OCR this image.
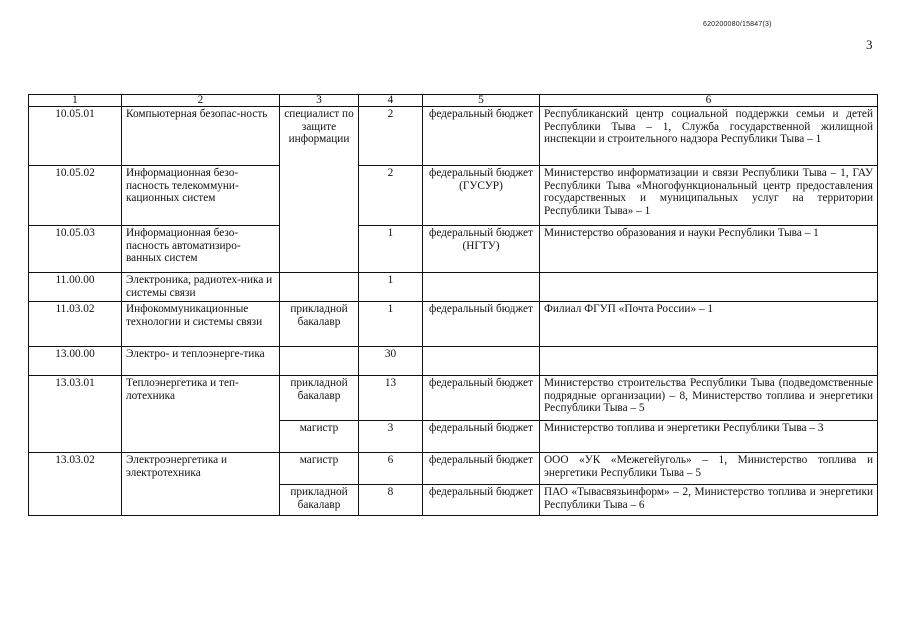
620200080/15847(3)
3
1	2	3	4	5	6
10.05.01	Компьютерная безопас-ность	специалист по защите информации	2	федеральный бюджет	Республиканский центр социальной поддержки семьи и детей Республики Тыва – 1, Служба государственной жилищной инспекции и строительного надзора Республики Тыва – 1
10.05.02	Информационная безо-пасность телекоммуни-кационных систем		2	федеральный бюджет (ГУСУР)	Министерство информатизации и связи Республики Тыва – 1, ГАУ Республики Тыва «Многофункциональный центр предоставления государственных и муниципальных услуг на территории Республики Тыва» – 1
10.05.03	Информационная безо-пасность автоматизиро-ванных систем		1	федеральный бюджет (НГТУ)	Министерство образования и науки Республики Тыва – 1
11.00.00	Электроника, радиотех-ника и системы связи		1		
11.03.02	Инфокоммуникационные технологии и системы связи	прикладной бакалавр	1	федеральный бюджет	Филиал ФГУП «Почта России» – 1
13.00.00	Электро- и теплоэнерге-тика		30		
13.03.01	Теплоэнергетика и теп-лотехника	прикладной бакалавр	13	федеральный бюджет	Министерство строительства Республики Тыва (подведомственные подрядные организации) – 8, Министерство топлива и энергетики Республики Тыва – 5
		магистр	3	федеральный бюджет	Министерство топлива и энергетики Республики Тыва – 3
13.03.02	Электроэнергетика и электротехника	магистр	6	федеральный бюджет	ООО «УК «Межегейуголь» – 1, Министерство топлива и энергетики Республики Тыва – 5
		прикладной бакалавр	8	федеральный бюджет	ПАО «Тывасвязьинформ» – 2, Министерство топлива и энергетики Республики Тыва – 6
